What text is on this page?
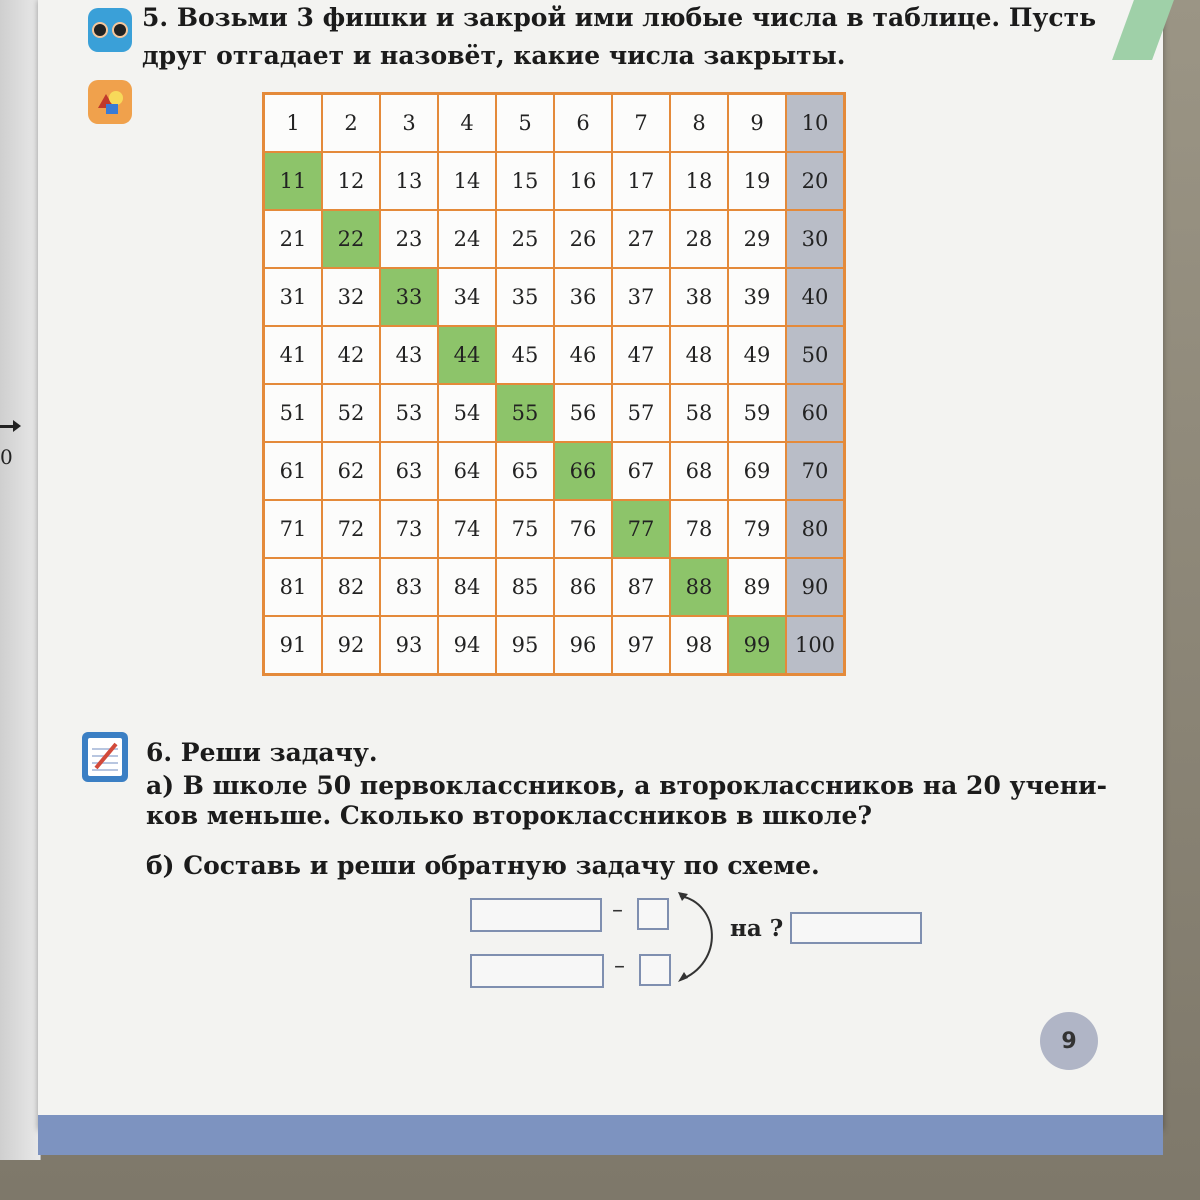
0
5. Возьми 3 фишки и закрой ими любые числа в таблице. Пусть
друг отгадает и назовёт, какие числа закрыты.
1	2	3	4	5	6	7	8	9	10
11	12	13	14	15	16	17	18	19	20
21	22	23	24	25	26	27	28	29	30
31	32	33	34	35	36	37	38	39	40
41	42	43	44	45	46	47	48	49	50
51	52	53	54	55	56	57	58	59	60
61	62	63	64	65	66	67	68	69	70
71	72	73	74	75	76	77	78	79	80
81	82	83	84	85	86	87	88	89	90
91	92	93	94	95	96	97	98	99	100
6. Реши задачу.
а) В школе 50 первоклассников, а второклассников на 20 учени-
ков меньше. Сколько второклассников в школе?
б) Составь и реши обратную задачу по схеме.
–
–
на ?
9
